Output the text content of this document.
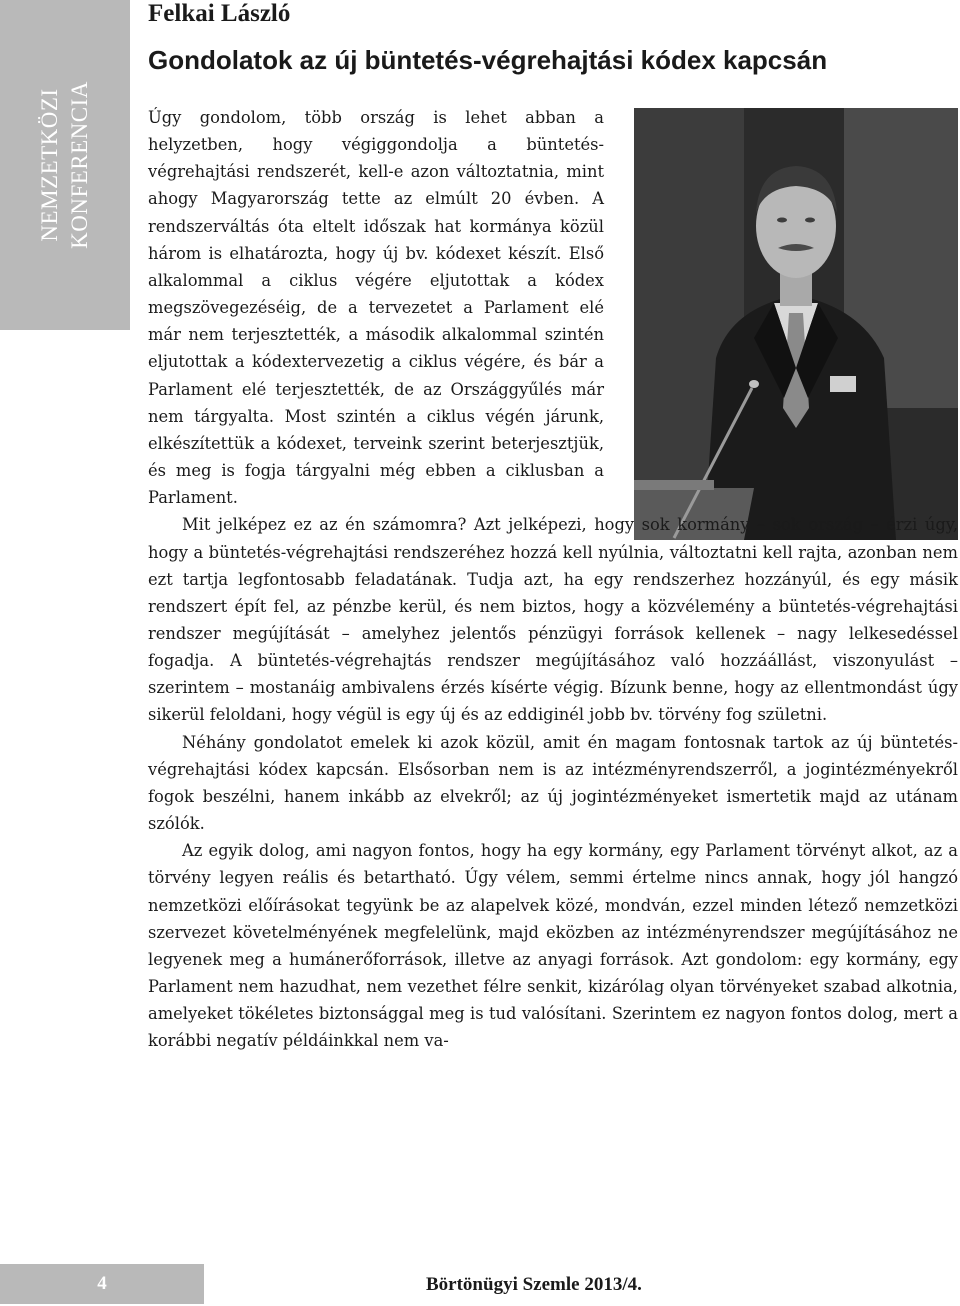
NEMZETKÖZI KONFERENCIA
Felkai László
Gondolatok az új büntetés-végrehajtási kódex kapcsán

Úgy gondolom, több ország is lehet abban a helyzetben, hogy végiggondolja a büntetés-végrehajtási rendszerét, kell-e azon változtatnia, mint ahogy Magyarország tette az elmúlt 20 évben. A rendszerváltás óta eltelt időszak hat kormánya közül három is elhatározta, hogy új bv. kódexet készít. Első alkalommal a ciklus végére eljutottak a kódex megszövegezéséig, de a tervezetet a Parlament elé már nem terjesztették, a második alkalommal szintén eljutottak a kódextervezetig a ciklus végére, és bár a Parlament elé terjesztették, de az Országgyűlés már nem tárgyalta. Most szintén a ciklus végén járunk, elkészítettük a kódexet, terveink szerint beterjesztjük, és meg is fogja tárgyalni még ebben a ciklusban a Parlament.

Mit jelképez ez az én számomra? Azt jelképezi, hogy sok kormány – sok ország – érzi úgy, hogy a büntetés-végrehajtási rendszeréhez hozzá kell nyúlnia, változtatni kell rajta, azonban nem ezt tartja legfontosabb feladatának. Tudja azt, ha egy rendszerhez hozzányúl, és egy másik rendszert épít fel, az pénzbe kerül, és nem biztos, hogy a közvélemény a büntetés-végrehajtási rendszer megújítását – amelyhez jelentős pénzügyi források kellenek – nagy lelkesedéssel fogadja. A büntetés-végrehajtás rendszer megújításához való hozzáállást, viszonyulást – szerintem – mostanáig ambivalens érzés kísérte végig. Bízunk benne, hogy az ellentmondást úgy sikerül feloldani, hogy végül is egy új és az eddiginél jobb bv. törvény fog születni.

Néhány gondolatot emelek ki azok közül, amit én magam fontosnak tartok az új büntetés-végrehajtási kódex kapcsán. Elsősorban nem is az intézményrendszerről, a jogintézményekről fogok beszélni, hanem inkább az elvekről; az új jogintézményeket ismertetik majd az utánam szólók.

Az egyik dolog, ami nagyon fontos, hogy ha egy kormány, egy Parlament törvényt alkot, az a törvény legyen reális és betartható. Úgy vélem, semmi értelme nincs annak, hogy jól hangzó nemzetközi előírásokat tegyünk be az alapelvek közé, mondván, ezzel minden létező nemzetközi szervezet követelményének megfelelünk, majd eközben az intézményrendszer megújításához ne legyenek meg a humánerőforrások, illetve az anyagi források. Azt gondolom: egy kormány, egy Parlament nem hazudhat, nem vezethet félre senkit, kizárólag olyan törvényeket szabad alkotnia, amelyeket tökéletes biztonsággal meg is tud valósítani. Szerintem ez nagyon fontos dolog, mert a korábbi negatív példáinkkal nem va-

4	Börtönügyi Szemle 2013/4.
